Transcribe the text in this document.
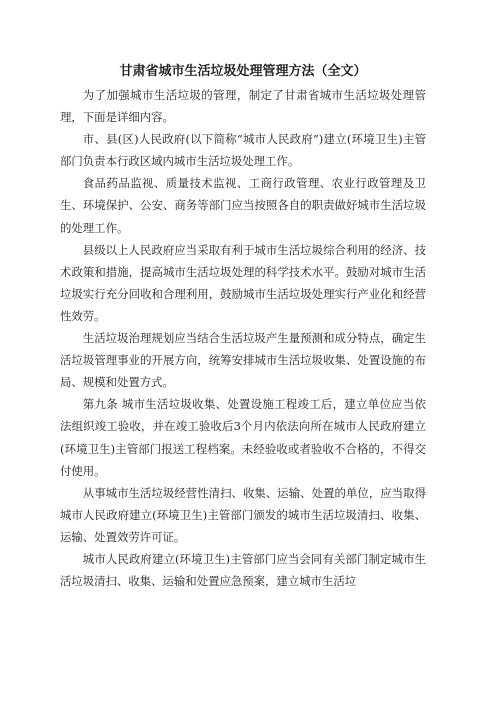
甘肃省城市生活垃圾处理管理方法（全文）

为了加强城市生活垃圾的管理，制定了甘肃省城市生活垃圾处理管理，下面是详细内容。

市、县(区)人民政府(以下简称“城市人民政府”)建立(环境卫生)主管部门负责本行政区域内城市生活垃圾处理工作。

食品药品监视、质量技术监视、工商行政管理、农业行政管理及卫生、环境保护、公安、商务等部门应当按照各自的职责做好城市生活垃圾的处理工作。

县级以上人民政府应当采取有利于城市生活垃圾综合利用的经济、技术政策和措施，提高城市生活垃圾处理的科学技术水平。鼓励对城市生活垃圾实行充分回收和合理利用，鼓励城市生活垃圾处理实行产业化和经营性效劳。

生活垃圾治理规划应当结合生活垃圾产生量预测和成分特点，确定生活垃圾管理事业的开展方向，统筹安排城市生活垃圾收集、处置设施的布局、规模和处置方式。

第九条 城市生活垃圾收集、处置设施工程竣工后，建立单位应当依法组织竣工验收，并在竣工验收后3个月内依法向所在城市人民政府建立(环境卫生)主管部门报送工程档案。未经验收或者验收不合格的，不得交付使用。

从事城市生活垃圾经营性清扫、收集、运输、处置的单位，应当取得城市人民政府建立(环境卫生)主管部门颁发的城市生活垃圾清扫、收集、运输、处置效劳许可证。

城市人民政府建立(环境卫生)主管部门应当会同有关部门制定城市生活垃圾清扫、收集、运输和处置应急预案，建立城市生活垃
